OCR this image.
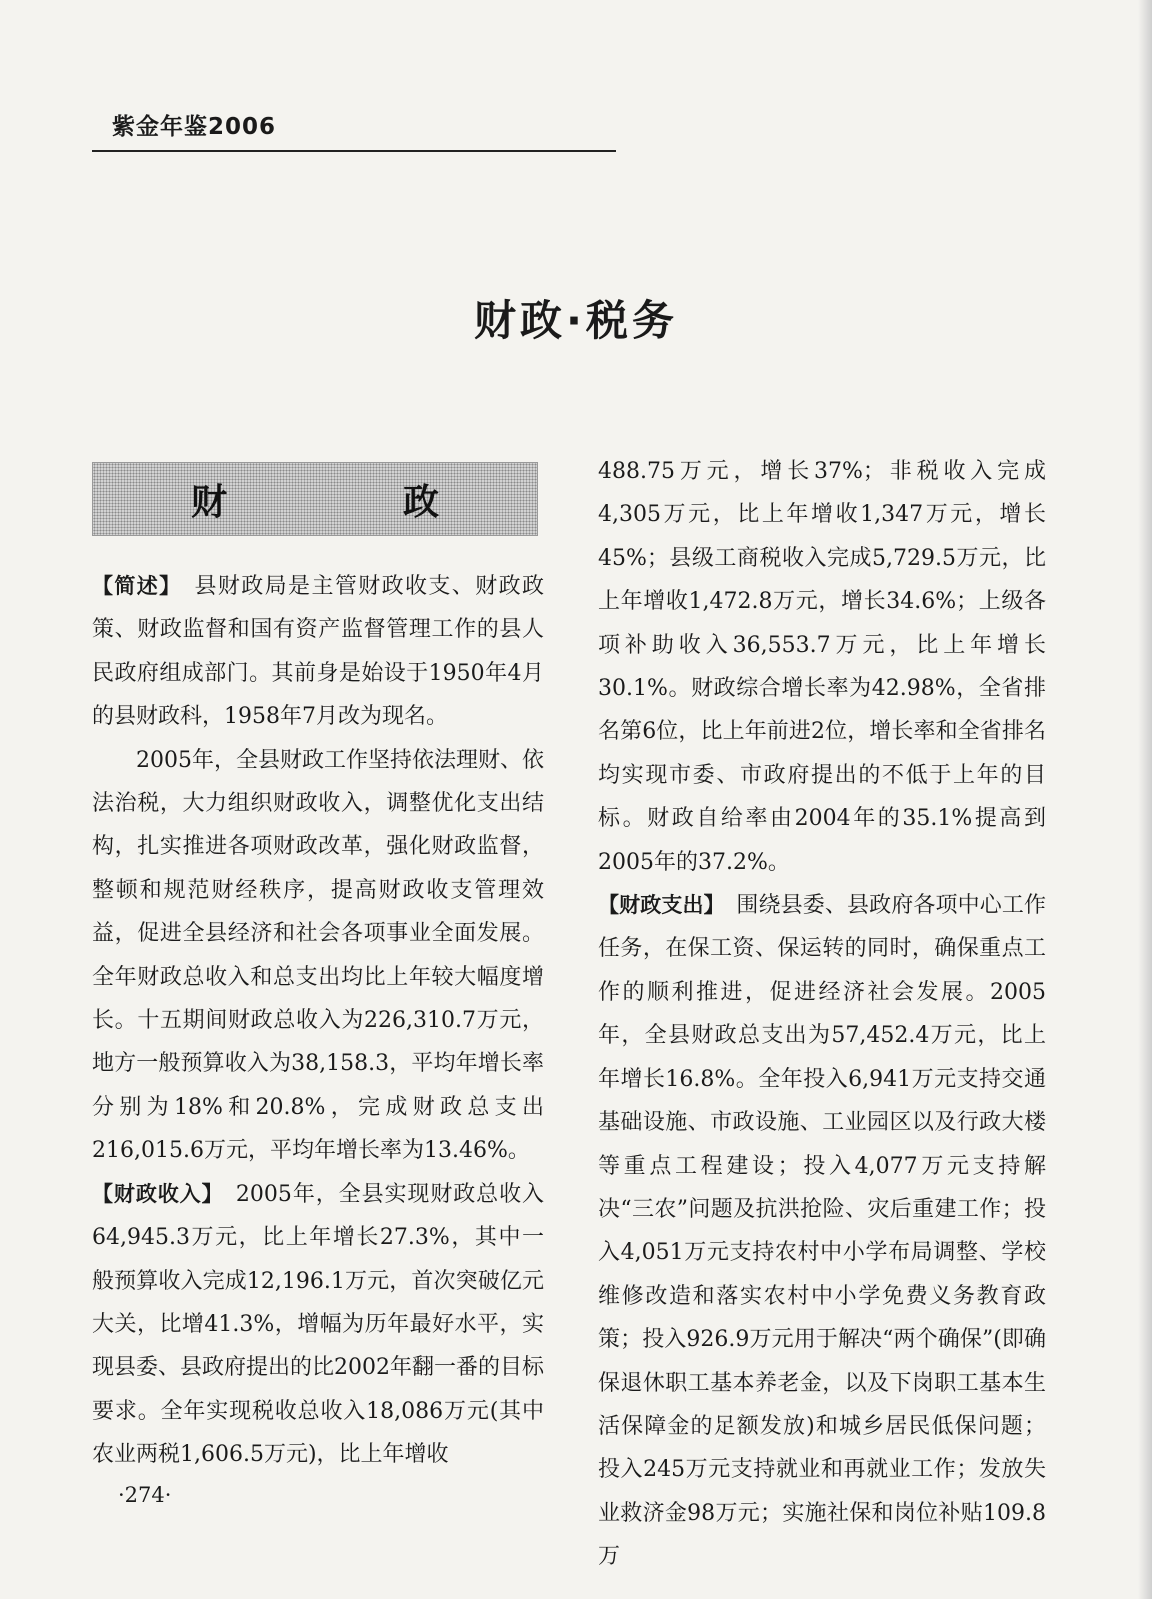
紫金年鉴2006
财政·税务
财　政

【简述】　县财政局是主管财政收支、财政政策、财政监督和国有资产监督管理工作的县人民政府组成部门。其前身是始设于1950年4月的县财政科，1958年7月改为现名。

2005年，全县财政工作坚持依法理财、依法治税，大力组织财政收入，调整优化支出结构，扎实推进各项财政改革，强化财政监督，整顿和规范财经秩序，提高财政收支管理效益，促进全县经济和社会各项事业全面发展。全年财政总收入和总支出均比上年较大幅度增长。十五期间财政总收入为226,310.7万元，地方一般预算收入为38,158.3，平均年增长率分别为18%和20.8%，完成财政总支出216,015.6万元，平均年增长率为13.46%。

【财政收入】　2005年，全县实现财政总收入64,945.3万元，比上年增长27.3%，其中一般预算收入完成12,196.1万元，首次突破亿元大关，比增41.3%，增幅为历年最好水平，实现县委、县政府提出的比2002年翻一番的目标要求。全年实现税收总收入18,086万元(其中农业两税1,606.5万元)，比上年增收

488.75万元，增长37%；非税收入完成4,305万元，比上年增收1,347万元，增长45%；县级工商税收入完成5,729.5万元，比上年增收1,472.8万元，增长34.6%；上级各项补助收入36,553.7万元，比上年增长30.1%。财政综合增长率为42.98%，全省排名第6位，比上年前进2位，增长率和全省排名均实现市委、市政府提出的不低于上年的目标。财政自给率由2004年的35.1%提高到2005年的37.2%。

【财政支出】　围绕县委、县政府各项中心工作任务，在保工资、保运转的同时，确保重点工作的顺利推进，促进经济社会发展。2005年，全县财政总支出为57,452.4万元，比上年增长16.8%。全年投入6,941万元支持交通基础设施、市政设施、工业园区以及行政大楼等重点工程建设；投入4,077万元支持解决“三农”问题及抗洪抢险、灾后重建工作；投入4,051万元支持农村中小学布局调整、学校维修改造和落实农村中小学免费义务教育政策；投入926.9万元用于解决“两个确保”(即确保退休职工基本养老金，以及下岗职工基本生活保障金的足额发放)和城乡居民低保问题；投入245万元支持就业和再就业工作；发放失业救济金98万元；实施社保和岗位补贴109.8万

·274·
